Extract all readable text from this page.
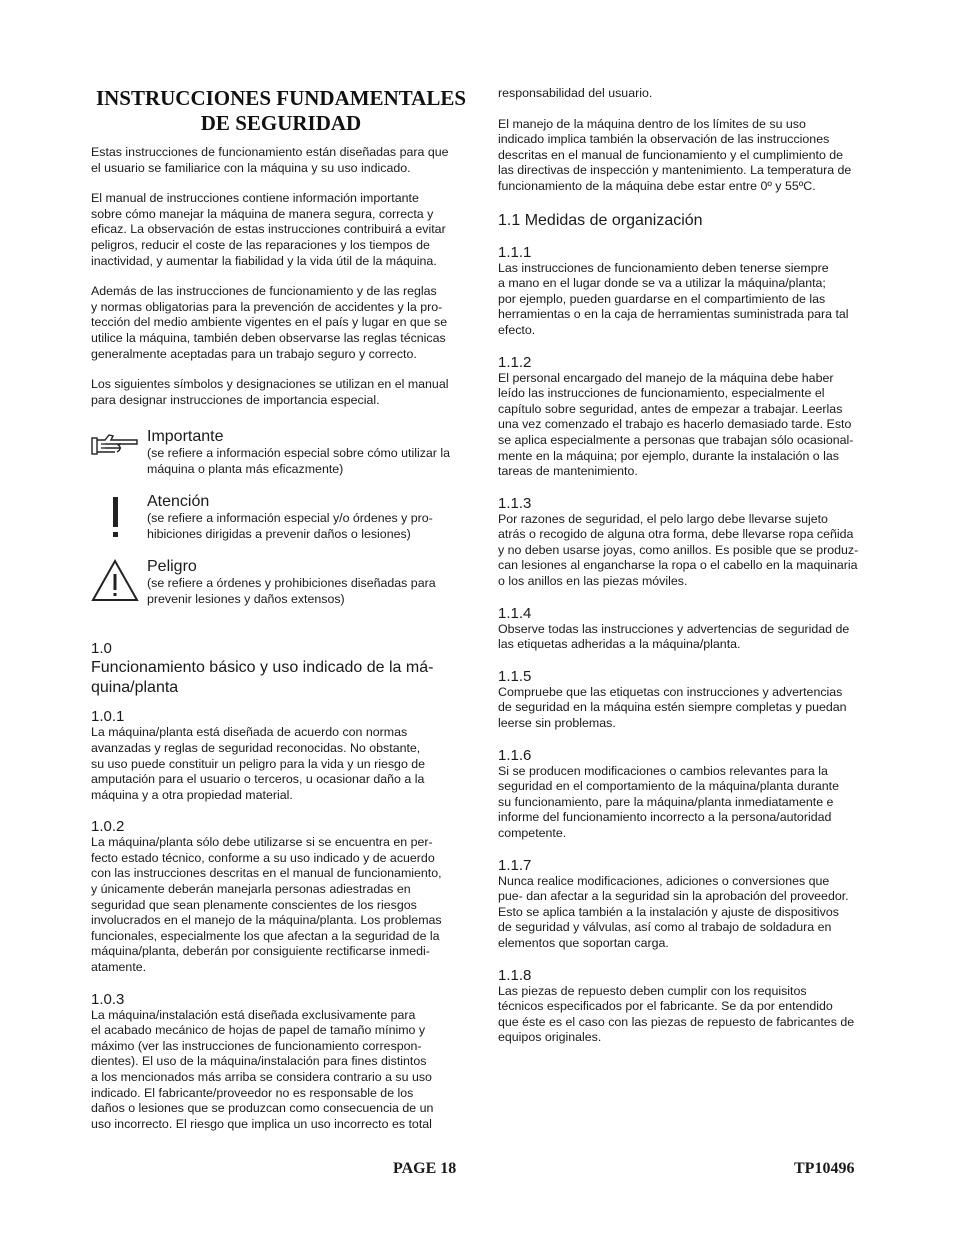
INSTRUCCIONES FUNDAMENTALES
DE SEGURIDAD

Estas instrucciones de funcionamiento están diseñadas para que
el usuario se familiarice con la máquina y su uso indicado.

El manual de instrucciones contiene información importante
sobre cómo manejar la máquina de manera segura, correcta y
eficaz. La observación de estas instrucciones contribuirá a evitar
peligros, reducir el coste de las reparaciones y los tiempos de
inactividad, y aumentar la fiabilidad y la vida útil de la máquina.

Además de las instrucciones de funcionamiento y de las reglas
y normas obligatorias para la prevención de accidentes y la pro-
tección del medio ambiente vigentes en el país y lugar en que se
utilice la máquina, también deben observarse las reglas técnicas
generalmente aceptadas para un trabajo seguro y correcto.

Los siguientes símbolos y designaciones se utilizan en el manual
para designar instrucciones de importancia especial.

Importante
(se refiere a información especial sobre cómo utilizar la
máquina o planta más eficazmente)
Atención
(se refiere a información especial y/o órdenes y pro-
hibiciones dirigidas a prevenir daños o lesiones)
Peligro
(se refiere a órdenes y prohibiciones diseñadas para
prevenir lesiones y daños extensos)
1.0
Funcionamiento básico y uso indicado de la má-
quina/planta
1.0.1

La máquina/planta está diseñada de acuerdo con normas
avanzadas y reglas de seguridad reconocidas. No obstante,
su uso puede constituir un peligro para la vida y un riesgo de
amputación para el usuario o terceros, u ocasionar daño a la
máquina y a otra propiedad material.

1.0.2

La máquina/planta sólo debe utilizarse si se encuentra en per-
fecto estado técnico, conforme a su uso indicado y de acuerdo
con las instrucciones descritas en el manual de funcionamiento,
y únicamente deberán manejarla personas adiestradas en
seguridad que sean plenamente conscientes de los riesgos
involucrados en el manejo de la máquina/planta. Los problemas
funcionales, especialmente los que afectan a la seguridad de la
máquina/planta, deberán por consiguiente rectificarse inmedi-
atamente.

1.0.3

La máquina/instalación está diseñada exclusivamente para
el acabado mecánico de hojas de papel de tamaño mínimo y
máximo (ver las instrucciones de funcionamiento correspon-
dientes). El uso de la máquina/instalación para fines distintos
a los mencionados más arriba se considera contrario a su uso
indicado. El fabricante/proveedor no es responsable de los
daños o lesiones que se produzcan como consecuencia de un
uso incorrecto. El riesgo que implica un uso incorrecto es total

responsabilidad del usuario.

El manejo de la máquina dentro de los límites de su uso
indicado implica también la observación de las instrucciones
descritas en el manual de funcionamiento y el cumplimiento de
las directivas de inspección y mantenimiento. La temperatura de
funcionamiento de la máquina debe estar entre 0º y 55ºC.

1.1 Medidas de organización
1.1.1

Las instrucciones de funcionamiento deben tenerse siempre
a mano en el lugar donde se va a utilizar la máquina/planta;
por ejemplo, pueden guardarse en el compartimiento de las
herramientas o en la caja de herramientas suministrada para tal
efecto.

1.1.2

El personal encargado del manejo de la máquina debe haber
leído las instrucciones de funcionamiento, especialmente el
capítulo sobre seguridad, antes de empezar a trabajar. Leerlas
una vez comenzado el trabajo es hacerlo demasiado tarde. Esto
se aplica especialmente a personas que trabajan sólo ocasional-
mente en la máquina; por ejemplo, durante la instalación o las
tareas de mantenimiento.

1.1.3

Por razones de seguridad, el pelo largo debe llevarse sujeto
atrás o recogido de alguna otra forma, debe llevarse ropa ceñida
y no deben usarse joyas, como anillos. Es posible que se produz-
can lesiones al engancharse la ropa o el cabello en la maquinaria
o los anillos en las piezas móviles.

1.1.4

Observe todas las instrucciones y advertencias de seguridad de
las etiquetas adheridas a la máquina/planta.

1.1.5

Compruebe que las etiquetas con instrucciones y advertencias
de seguridad en la máquina estén siempre completas y puedan
leerse sin problemas.

1.1.6

Si se producen modificaciones o cambios relevantes para la
seguridad en el comportamiento de la máquina/planta durante
su funcionamiento, pare la máquina/planta inmediatamente e
informe del funcionamiento incorrecto a la persona/autoridad
competente.

1.1.7

Nunca realice modificaciones, adiciones o conversiones que
pue- dan afectar a la seguridad sin la aprobación del proveedor.
Esto se aplica también a la instalación y ajuste de dispositivos
de seguridad y válvulas, así como al trabajo de soldadura en
elementos que soportan carga.

1.1.8

Las piezas de repuesto deben cumplir con los requisitos
técnicos especificados por el fabricante. Se da por entendido
que éste es el caso con las piezas de repuesto de fabricantes de
equipos originales.

PAGE 18	TP10496
